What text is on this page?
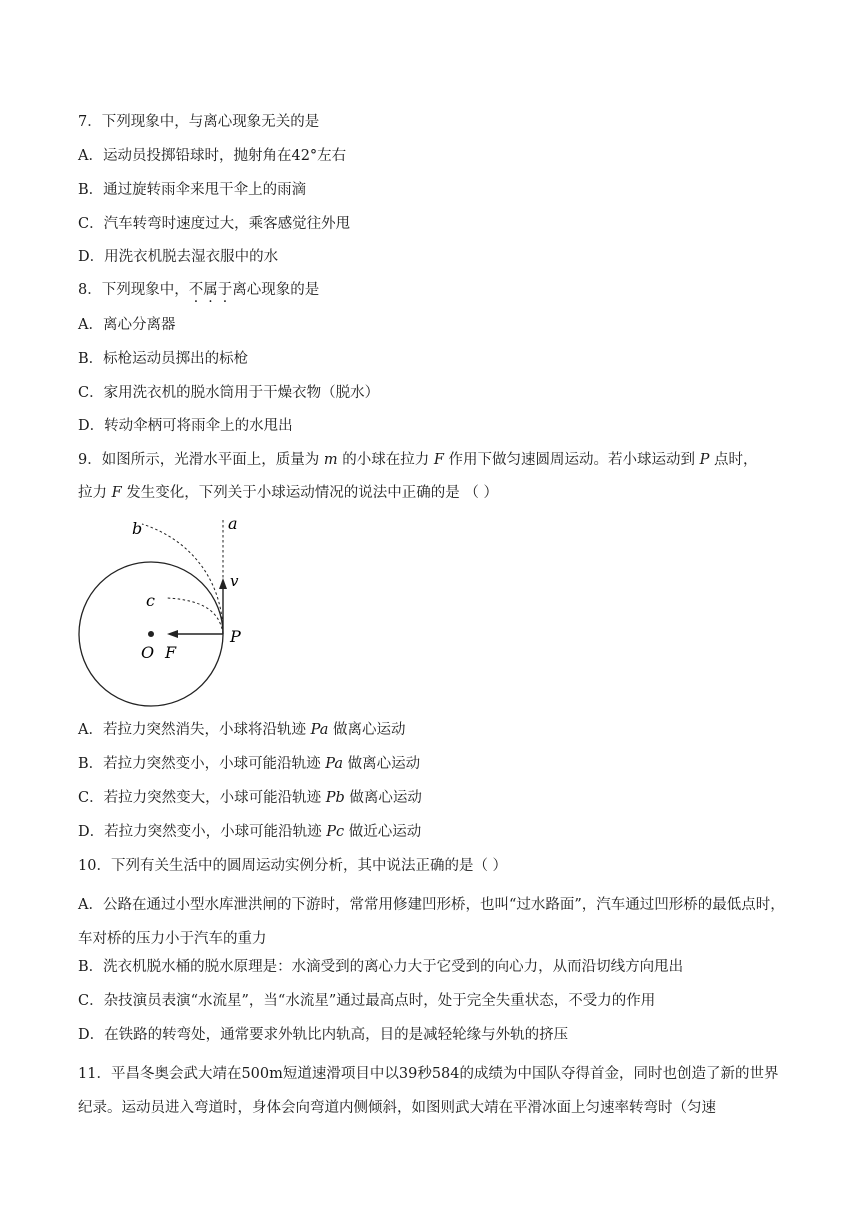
7．下列现象中，与离心现象无关的是
A．运动员投掷铅球时，抛射角在42°左右
B．通过旋转雨伞来甩干伞上的雨滴
C．汽车转弯时速度过大，乘客感觉往外甩
D．用洗衣机脱去湿衣服中的水
8．下列现象中，不属于离心现象的是
A．离心分离器
B．标枪运动员掷出的标枪
C．家用洗衣机的脱水筒用于干燥衣物（脱水）
D．转动伞柄可将雨伞上的水甩出
9．如图所示，光滑水平面上，质量为 m 的小球在拉力 F 作用下做匀速圆周运动。若小球运动到 P 点时，
拉力 F 发生变化，下列关于小球运动情况的说法中正确的是 （ ）
a
b
c
v
P
O F
A．若拉力突然消失，小球将沿轨迹 Pa 做离心运动
B．若拉力突然变小，小球可能沿轨迹 Pa 做离心运动
C．若拉力突然变大，小球可能沿轨迹 Pb 做离心运动
D．若拉力突然变小，小球可能沿轨迹 Pc 做近心运动
10．下列有关生活中的圆周运动实例分析，其中说法正确的是（ ）
A．公路在通过小型水库泄洪闸的下游时，常常用修建凹形桥，也叫“过水路面”，汽车通过凹形桥的最低点时，车对桥的压力小于汽车的重力
B．洗衣机脱水桶的脱水原理是：水滴受到的离心力大于它受到的向心力，从而沿切线方向甩出
C．杂技演员表演“水流星”，当“水流星”通过最高点时，处于完全失重状态，不受力的作用
D．在铁路的转弯处，通常要求外轨比内轨高，目的是减轻轮缘与外轨的挤压
11．平昌冬奥会武大靖在500m短道速滑项目中以39秒584的成绩为中国队夺得首金，同时也创造了新的世界纪录。运动员进入弯道时，身体会向弯道内侧倾斜，如图则武大靖在平滑冰面上匀速率转弯时（匀速
